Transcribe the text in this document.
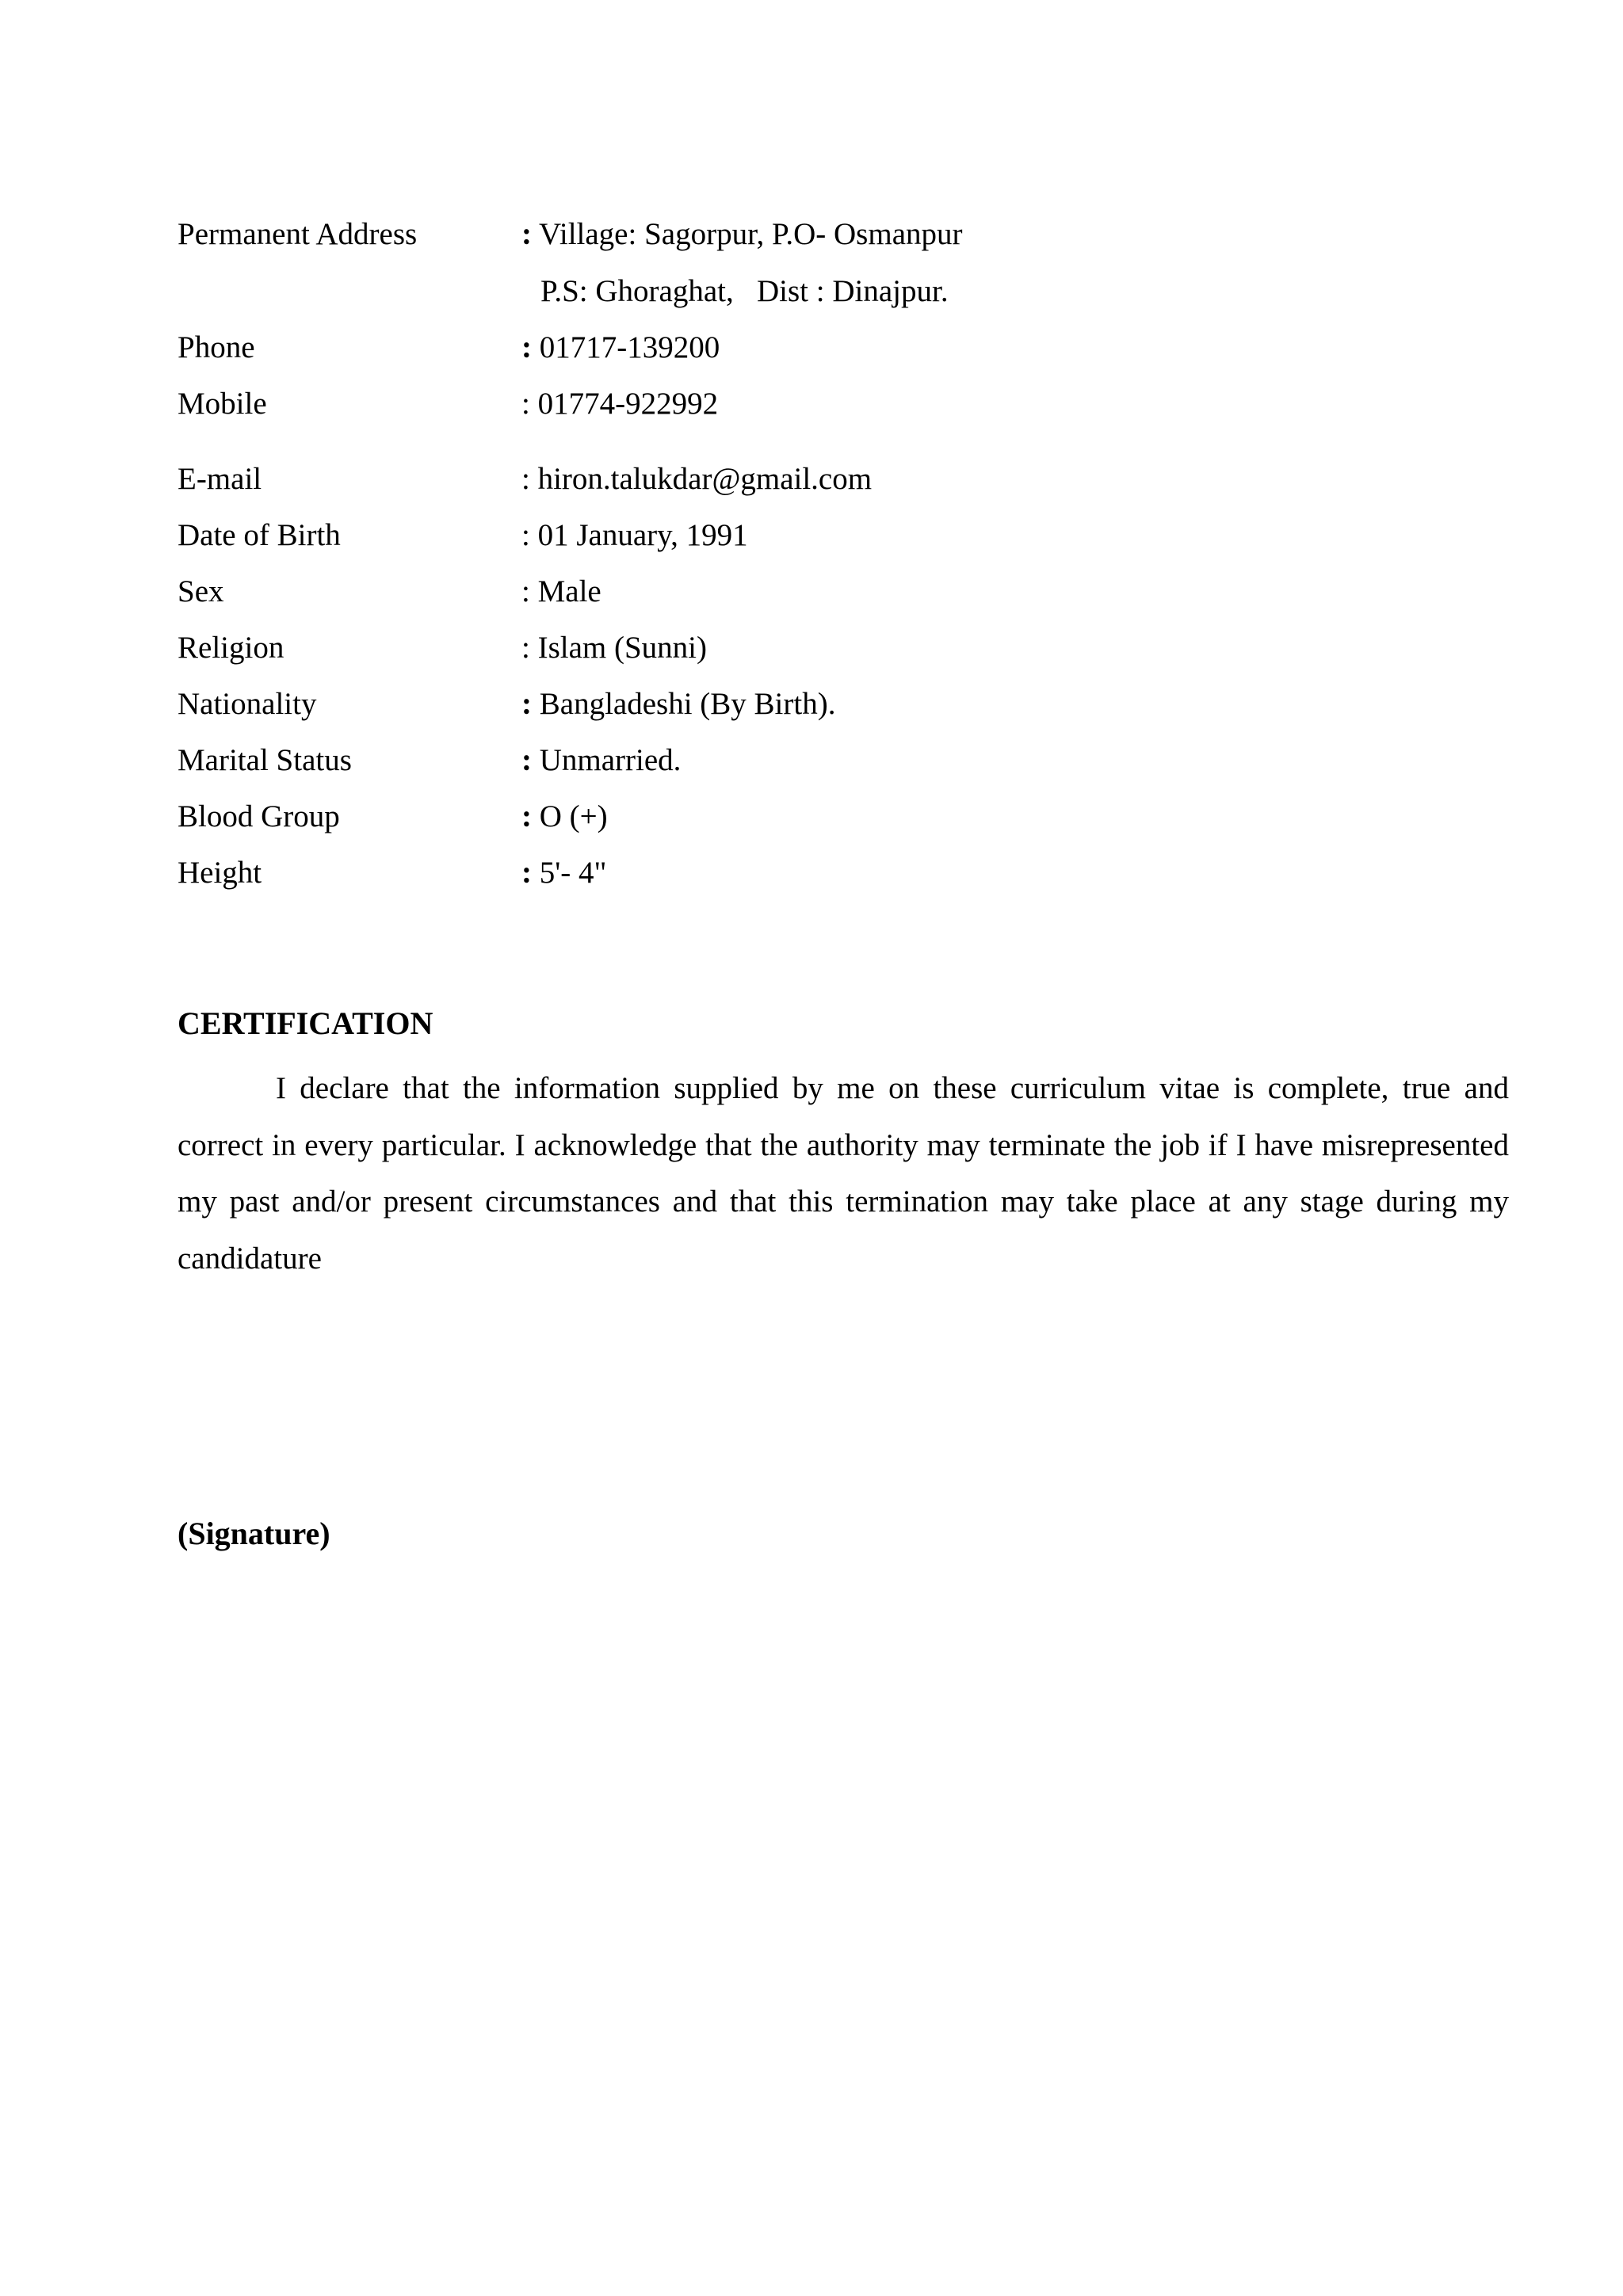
Permanent Address	: Village: Sagorpur, P.O- Osmanpur
P.S: Ghoraghat,   Dist : Dinajpur.
Phone	: 01717-139200
Mobile	: 01774-922992
E-mail	: hiron.talukdar@gmail.com
Date of Birth	: 01 January, 1991
Sex	: Male
Religion	: Islam (Sunni)
Nationality	: Bangladeshi (By Birth).
Marital Status	: Unmarried.
Blood Group	: O (+)
Height	: 5'- 4"
CERTIFICATION

I declare that the information supplied by me on these curriculum vitae is complete, true and correct in every particular. I acknowledge that the authority may terminate the job if I have misrepresented my past and/or present circumstances and that this termination may take place at any stage during my candidature

(Signature)
